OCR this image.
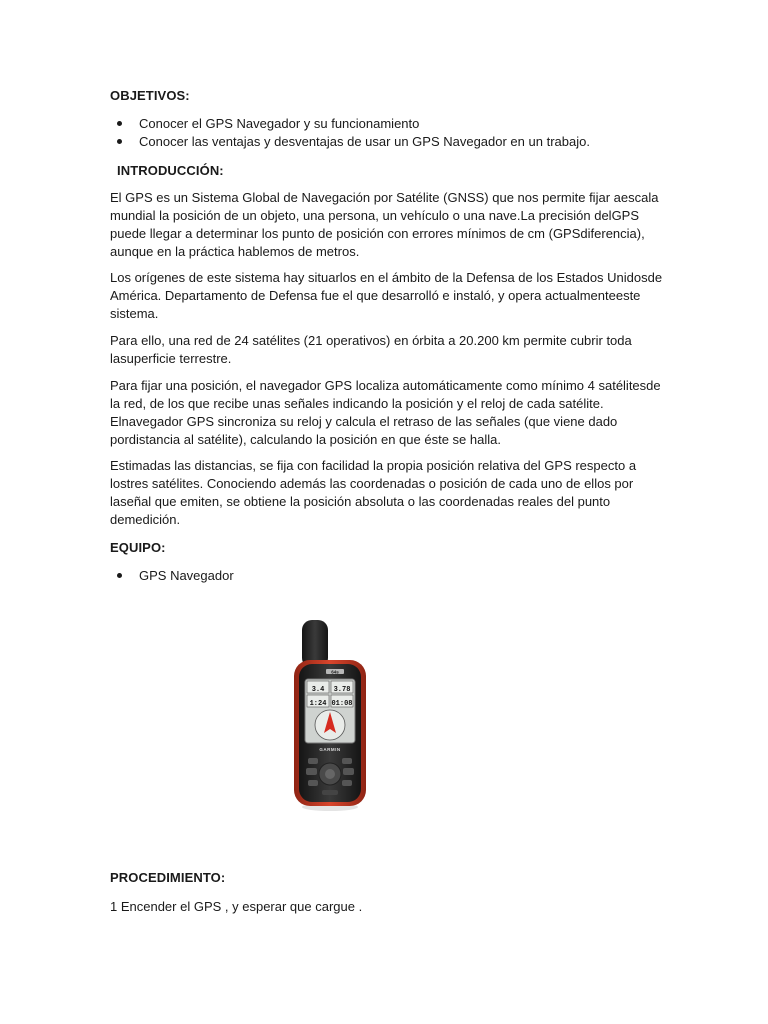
OBJETIVOS:
Conocer el GPS Navegador y su funcionamiento
Conocer las ventajas y desventajas de usar un GPS Navegador en un trabajo.
INTRODUCCIÓN:

El GPS es un Sistema Global de Navegación por Satélite (GNSS) que nos permite fijar aescala
mundial la posición de un objeto, una persona, un vehículo o una nave.La precisión delGPS
puede llegar a determinar los punto de posición con errores mínimos de cm (GPSdiferencia),
aunque en la práctica hablemos de metros.

Los orígenes de este sistema hay situarlos en el ámbito de la Defensa de los Estados Unidosde
América. Departamento de Defensa fue el que desarrolló e instaló, y opera actualmenteeste
sistema.

Para ello, una red de 24 satélites (21 operativos) en órbita a 20.200 km permite cubrir toda
lasuperficie terrestre.

Para fijar una posición, el navegador GPS localiza automáticamente como mínimo 4 satélitesde
la red, de los que recibe unas señales indicando la posición y el reloj de cada satélite.
Elnavegador GPS sincroniza su reloj y calcula el retraso de las señales (que viene dado
pordistancia al satélite), calculando la posición en que éste se halla.

Estimadas las distancias, se fija con facilidad la propia posición relativa del GPS respecto a
lostres satélites. Conociendo además las coordenadas o posición de cada uno de ellos por
laseñal que emiten, se obtiene la posición absoluta o las coordenadas reales del punto
demedición.

EQUIPO:
GPS Navegador
64s
3.4 3.78
1:24 01:08
GARMIN
PROCEDIMIENTO:

1 Encender el GPS , y esperar que cargue .
